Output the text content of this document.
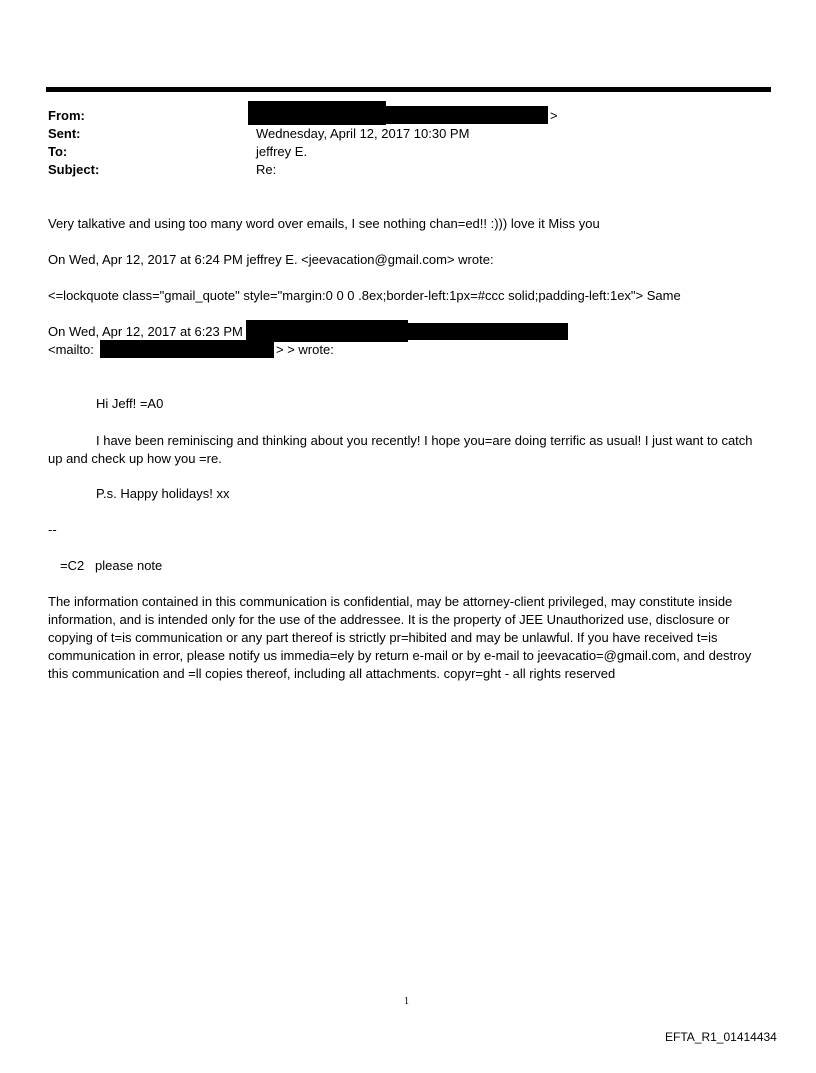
From:	>
Sent:	Wednesday, April 12, 2017 10:30 PM
To:	jeffrey E.
Subject:	Re:
Very talkative and using too many word over emails, I see nothing chan=ed!! :))) love it Miss you
On Wed, Apr 12, 2017 at 6:24 PM jeffrey E. <jeevacation@gmail.com> wrote:
<=lockquote class="gmail_quote" style="margin:0 0 0 .8ex;border-left:1px=#ccc solid;padding-left:1ex"> Same
On Wed, Apr 12, 2017 at 6:23 PM
<mailto:	> > wrote:
Hi Jeff! =A0
I have been reminiscing and thinking about you recently! I hope you=are doing terrific as usual! I just want to catch up and check up how you =re.
P.s. Happy holidays! xx
--
=C2   please note
The information contained in this communication is confidential, may be attorney-client privileged, may constitute inside information, and is intended only for the use of the addressee. It is the property of JEE Unauthorized use, disclosure or copying of t=is communication or any part thereof is strictly pr=hibited and may be unlawful. If you have received t=is communication in error, please notify us immedia=ely by return e-mail or by e-mail to jeevacatio=@gmail.com, and destroy this communication and =ll copies thereof, including all attachments. copyr=ght - all rights reserved
1
EFTA_R1_01414434
